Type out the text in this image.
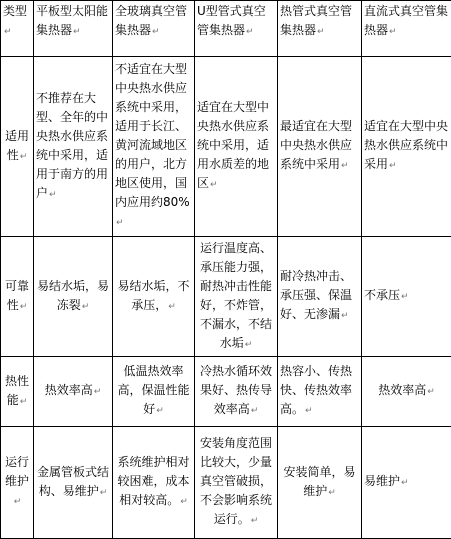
类型↵	平板型太阳能集热器↵	全玻璃真空管集热器↵	U型管式真空管集热器↵	热管式真空管集热器↵	直流式真空管集热器↵
适用性↵	不推荐在大型、全年的中央热水供应系统中采用，适用于南方的用户↵	不适宜在大型中央热水供应系统中采用，适用于长江、黄河流域地区的用户，北方地区使用，国内应用约80%↵	适宜在大型中央热水供应系统中采用，适用水质差的地区↵	最适宜在大型中央热水供应系统中采用↵	适宜在大型中央热水供应系统中采用↵
可靠性↵	易结水垢，易冻裂↵	易结水垢，不承压，↵	运行温度高、承压能力强，耐热冲击性能好，不炸管，不漏水，不结水垢↵	耐冷热冲击、承压强、保温好、无渗漏↵	不承压↵
热性能↵	热效率高↵	低温热效率高，保温性能好↵	冷热水循环效果好、热传导效率高↵	热容小、传热快、传热效率高。↵	热效率高↵
运行维护↵	金属管板式结构、易维护↵	系统维护相对较困难，成本相对较高。↵	安装角度范围比较大，少量真空管破损，不会影响系统运行。↵	安装简单，易维护↵	易维护↵
